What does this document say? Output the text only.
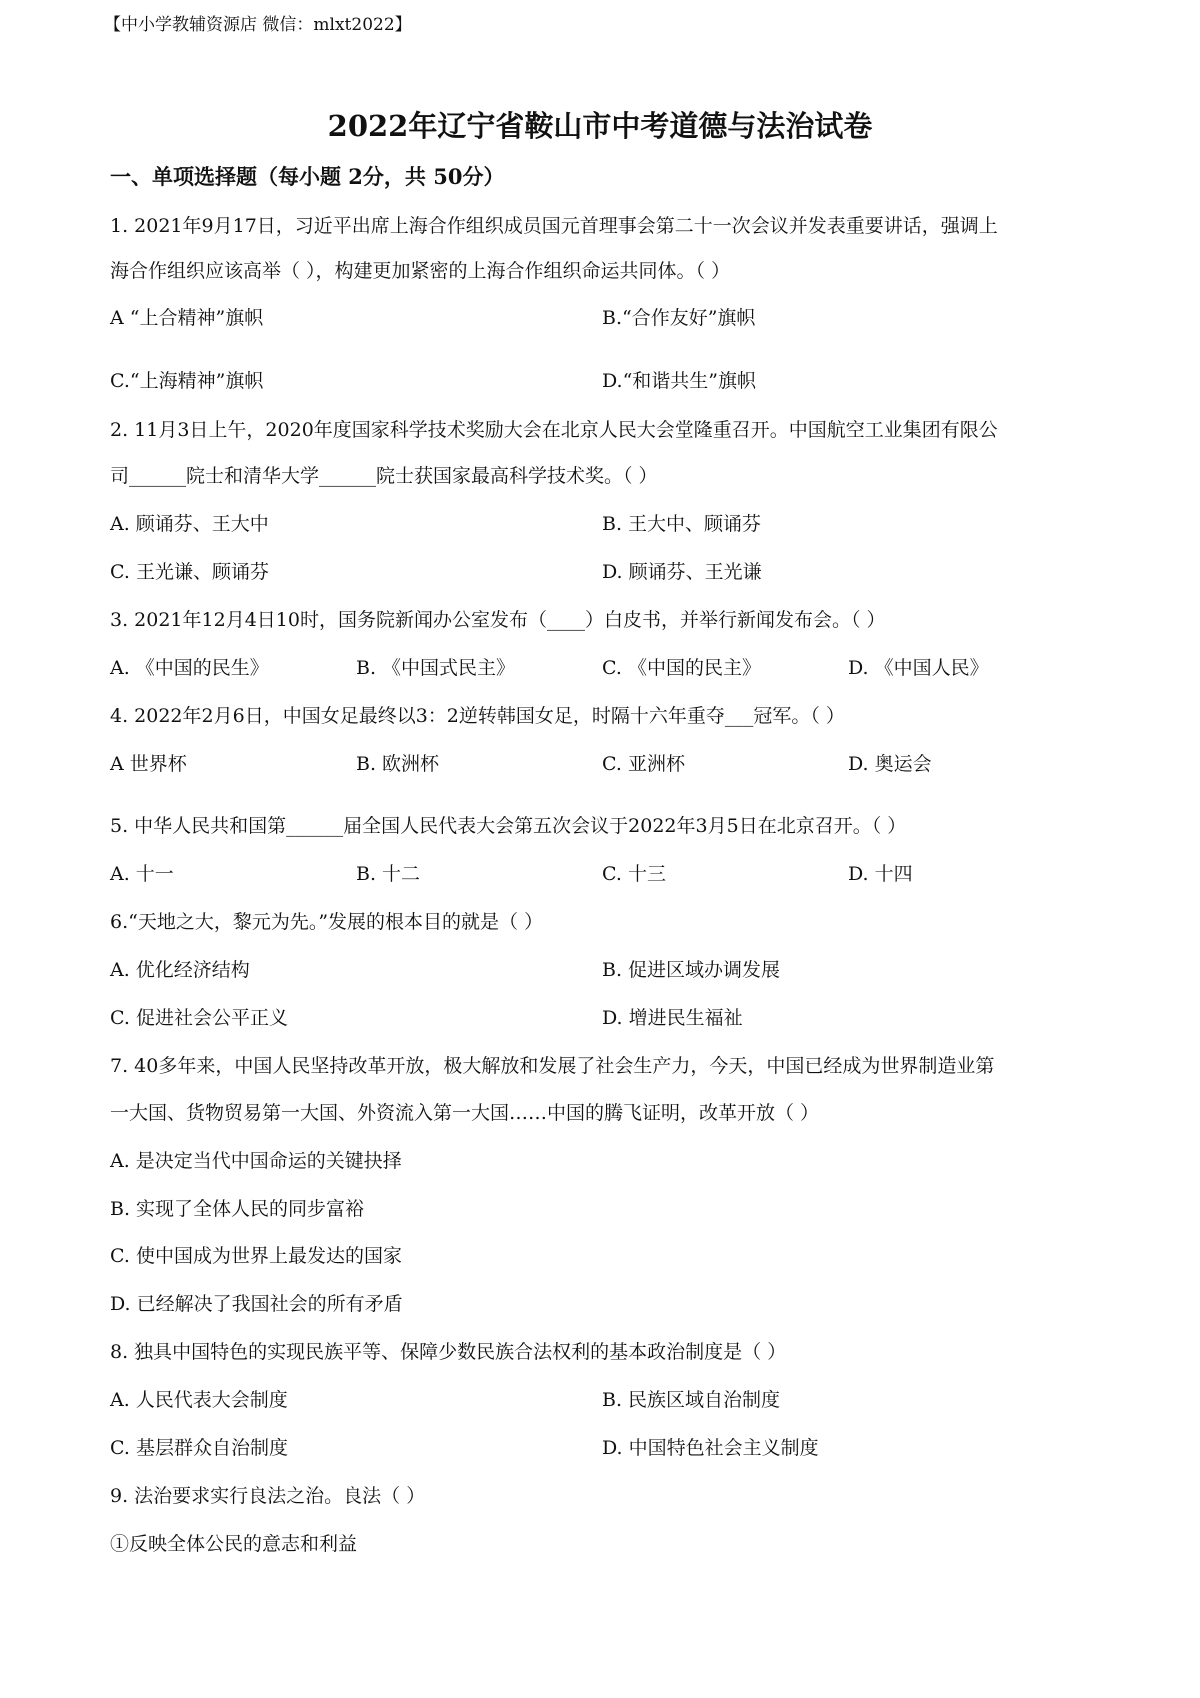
【中小学教辅资源店 微信：mlxt2022】
2022年辽宁省鞍山市中考道德与法治试卷
一、单项选择题（每小题 2分，共 50分）
1. 2021年9月17日，习近平出席上海合作组织成员国元首理事会第二十一次会议并发表重要讲话，强调上
海合作组织应该高举（ ），构建更加紧密的上海合作组织命运共同体。（ ）
A “上合精神”旗帜	B.“合作友好”旗帜
C.“上海精神”旗帜	D.“和谐共生”旗帜
2. 11月3日上午，2020年度国家科学技术奖励大会在北京人民大会堂隆重召开。中国航空工业集团有限公
司______院士和清华大学______院士获国家最高科学技术奖。（ ）
A. 顾诵芬、王大中	B. 王大中、顾诵芬
C. 王光谦、顾诵芬	D. 顾诵芬、王光谦
3. 2021年12月4日10时，国务院新闻办公室发布（____）白皮书，并举行新闻发布会。（ ）
A. 《中国的民生》	B. 《中国式民主》	C. 《中国的民主》	D. 《中国人民》
4. 2022年2月6日，中国女足最终以3：2逆转韩国女足，时隔十六年重夺___冠军。（ ）
A 世界杯	B. 欧洲杯	C. 亚洲杯	D. 奥运会
5. 中华人民共和国第______届全国人民代表大会第五次会议于2022年3月5日在北京召开。（ ）
A. 十一	B. 十二	C. 十三	D. 十四
6.“天地之大，黎元为先。”发展的根本目的就是（ ）
A. 优化经济结构	B. 促进区域办调发展
C. 促进社会公平正义	D. 增进民生福祉
7. 40多年来，中国人民坚持改革开放，极大解放和发展了社会生产力，今天，中国已经成为世界制造业第
一大国、货物贸易第一大国、外资流入第一大国……中国的腾飞证明，改革开放（ ）
A. 是决定当代中国命运的关键抉择
B. 实现了全体人民的同步富裕
C. 使中国成为世界上最发达的国家
D. 已经解决了我国社会的所有矛盾
8. 独具中国特色的实现民族平等、保障少数民族合法权利的基本政治制度是（ ）
A. 人民代表大会制度	B. 民族区域自治制度
C. 基层群众自治制度	D. 中国特色社会主义制度
9. 法治要求实行良法之治。良法（ ）
①反映全体公民的意志和利益
